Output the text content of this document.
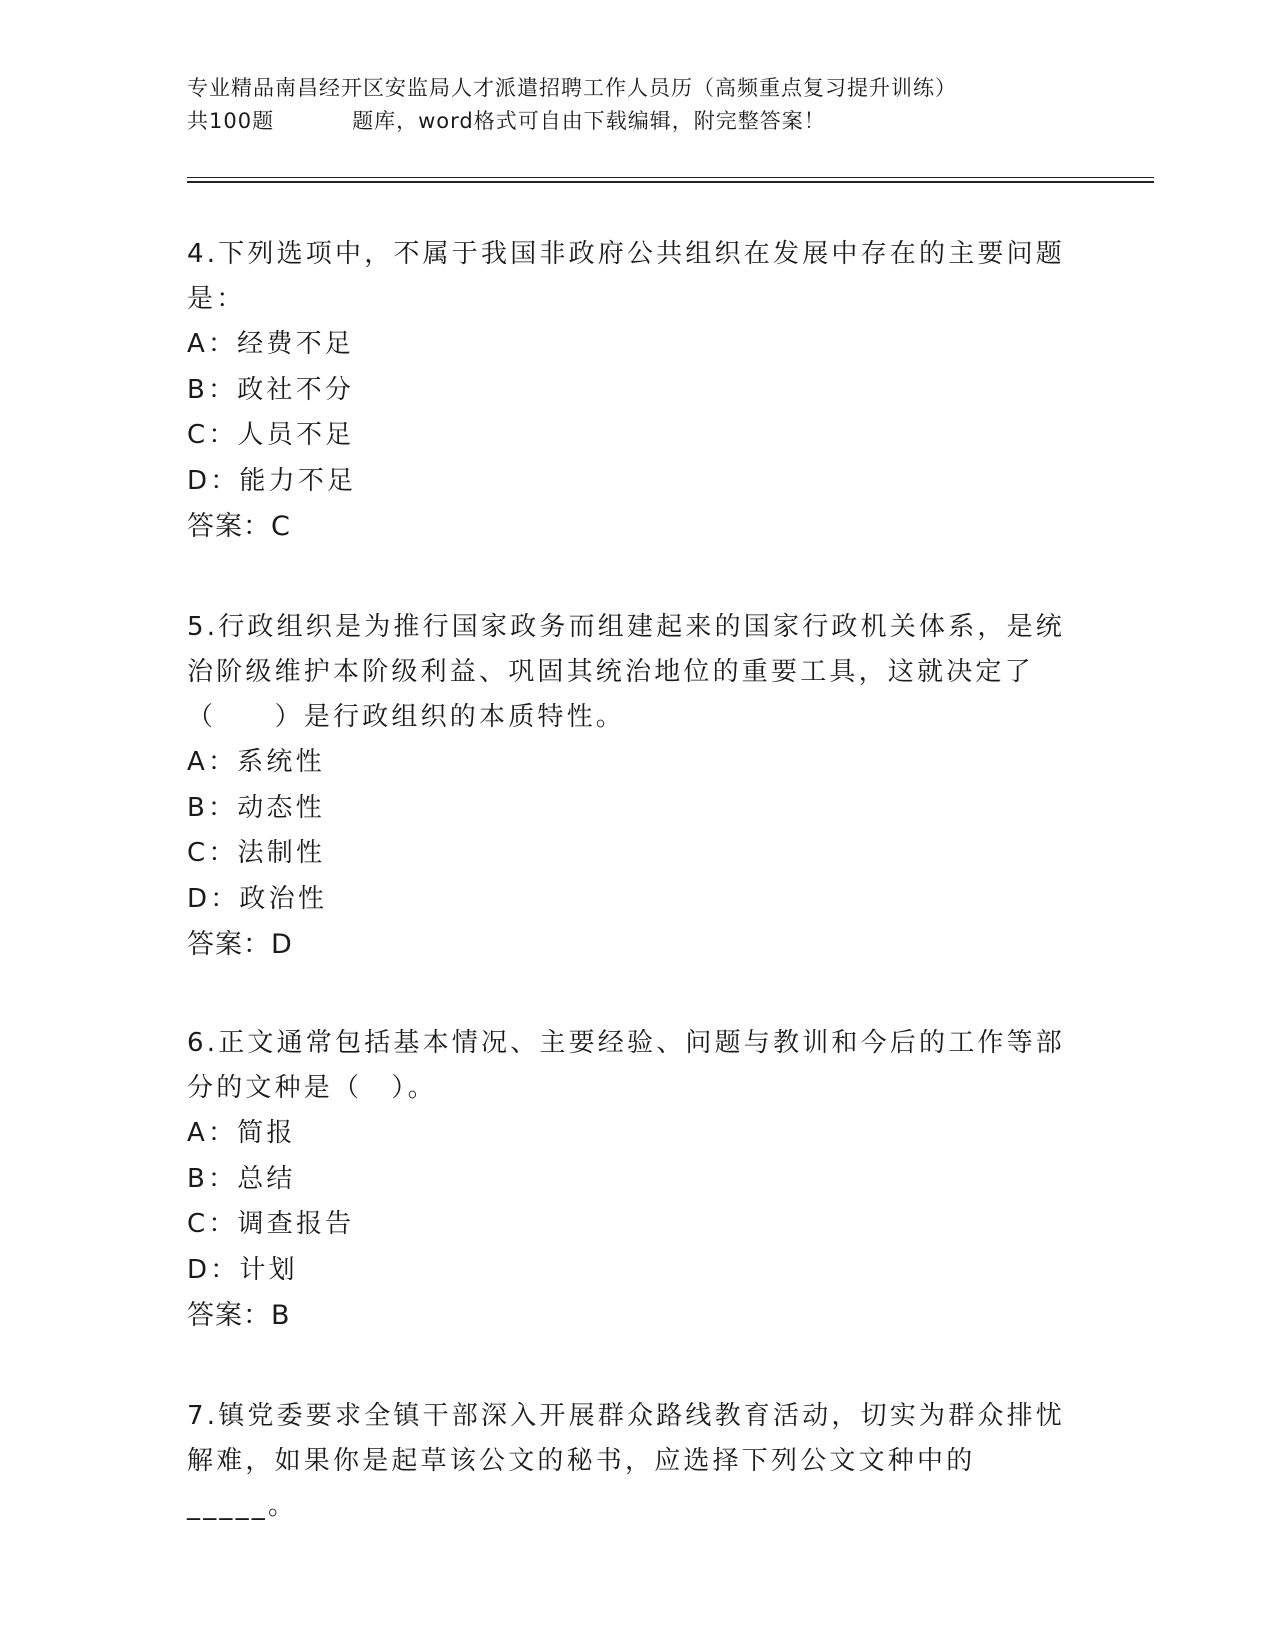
专业精品南昌经开区安监局人才派遣招聘工作人员历（高频重点复习提升训练）
共100题	题库，word格式可自由下载编辑，附完整答案！

4.下列选项中，不属于我国非政府公共组织在发展中存在的主要问题是：

A：经费不足

B：政社不分

C：人员不足

D：能力不足

答案：C

5.行政组织是为推行国家政务而组建起来的国家行政机关体系，是统治阶级维护本阶级利益、巩固其统治地位的重要工具，这就决定了（　　）是行政组织的本质特性。

A：系统性

B：动态性

C：法制性

D：政治性

答案：D

6.正文通常包括基本情况、主要经验、问题与教训和今后的工作等部分的文种是（　）。

A：简报

B：总结

C：调查报告

D：计划

答案：B

7.镇党委要求全镇干部深入开展群众路线教育活动，切实为群众排忧解难，如果你是起草该公文的秘书，应选择下列公文文种中的_____。
